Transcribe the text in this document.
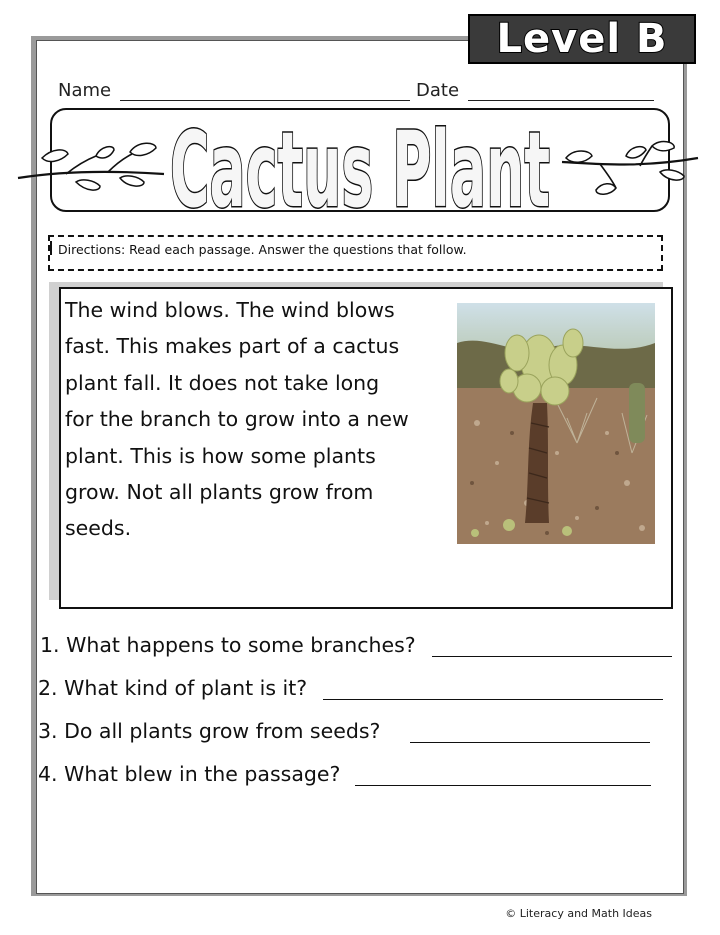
Level B
Name	Date
Cactus Plant
Directions: Read each passage. Answer the questions that follow.
The wind blows. The wind blows
fast. This makes part of a cactus
plant fall. It does not take long
for the branch to grow into a new
plant. This is how some plants
grow. Not all plants grow from
seeds.
1. What happens to some branches?
2. What kind of plant is it?
3. Do all plants grow from seeds?
4. What blew in the passage?
© Literacy and Math Ideas
